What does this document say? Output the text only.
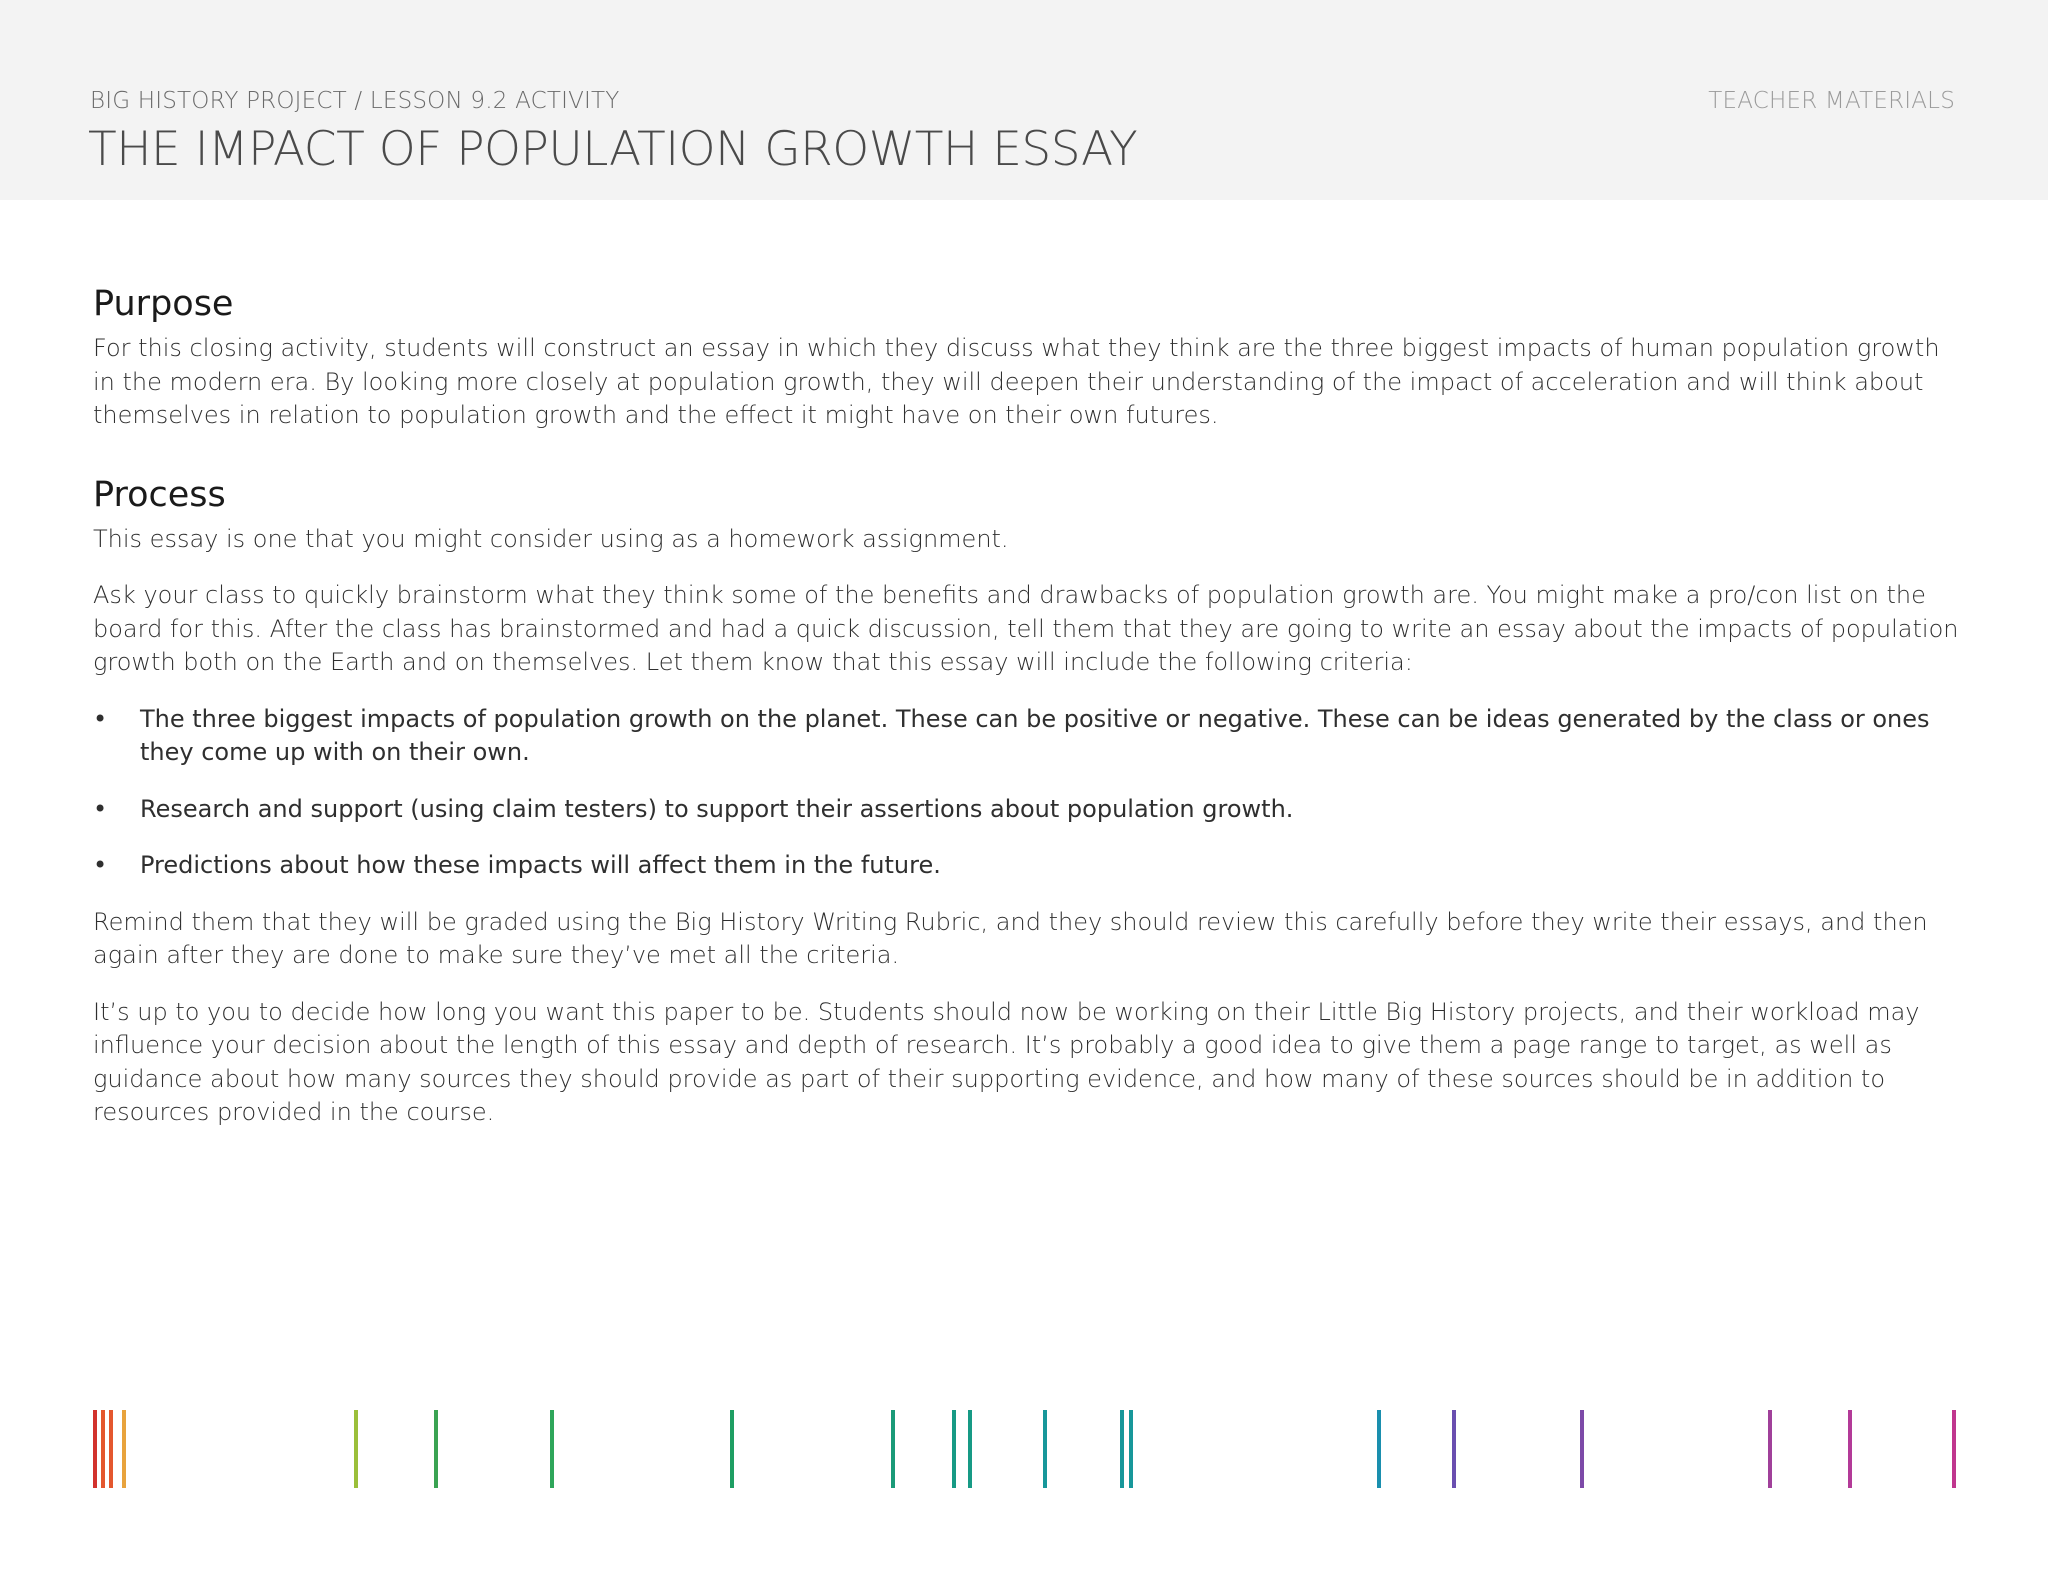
BIG HISTORY PROJECT / LESSON 9.2 ACTIVITY	TEACHER MATERIALS
THE IMPACT OF POPULATION GROWTH ESSAY
Purpose

For this closing activity, students will construct an essay in which they discuss what they think are the three biggest impacts of human population growth in the modern era. By looking more closely at population growth, they will deepen their understanding of the impact of acceleration and will think about themselves in relation to population growth and the effect it might have on their own futures.

Process

This essay is one that you might consider using as a homework assignment.

Ask your class to quickly brainstorm what they think some of the benefits and drawbacks of population growth are. You might make a pro/con list on the board for this. After the class has brainstormed and had a quick discussion, tell them that they are going to write an essay about the impacts of population growth both on the Earth and on themselves. Let them know that this essay will include the following criteria:

• The three biggest impacts of population growth on the planet. These can be positive or negative. These can be ideas generated by the class or ones they come up with on their own.
• Research and support (using claim testers) to support their assertions about population growth.
• Predictions about how these impacts will affect them in the future.

Remind them that they will be graded using the Big History Writing Rubric, and they should review this carefully before they write their essays, and then again after they are done to make sure they’ve met all the criteria.

It’s up to you to decide how long you want this paper to be. Students should now be working on their Little Big History projects, and their workload may influence your decision about the length of this essay and depth of research. It’s probably a good idea to give them a page range to target, as well as guidance about how many sources they should provide as part of their supporting evidence, and how many of these sources should be in addition to resources provided in the course.
